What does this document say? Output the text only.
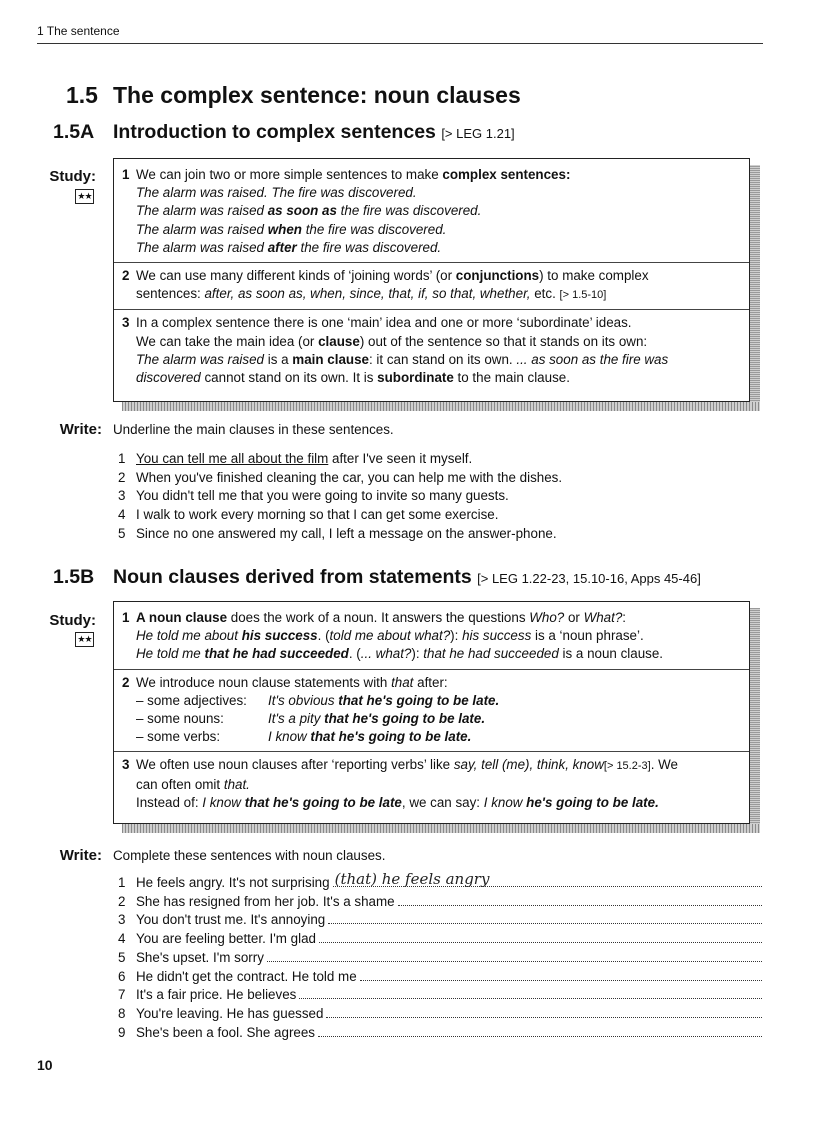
1 The sentence
1.5 The complex sentence: noun clauses
1.5A Introduction to complex sentences [> LEG 1.21]
Study:
★★
1 We can join two or more simple sentences to make complex sentences:
The alarm was raised. The fire was discovered.
The alarm was raised as soon as the fire was discovered.
The alarm was raised when the fire was discovered.
The alarm was raised after the fire was discovered.
2 We can use many different kinds of ‘joining words’ (or conjunctions) to make complex
sentences: after, as soon as, when, since, that, if, so that, whether, etc. [> 1.5-10]
3 In a complex sentence there is one ‘main’ idea and one or more ‘subordinate’ ideas.
We can take the main idea (or clause) out of the sentence so that it stands on its own:
The alarm was raised is a main clause: it can stand on its own. ... as soon as the fire was
discovered cannot stand on its own. It is subordinate to the main clause.
Write: Underline the main clauses in these sentences.
1 You can tell me all about the film after I've seen it myself.
2 When you've finished cleaning the car, you can help me with the dishes.
3 You didn't tell me that you were going to invite so many guests.
4 I walk to work every morning so that I can get some exercise.
5 Since no one answered my call, I left a message on the answer-phone.
1.5B Noun clauses derived from statements [> LEG 1.22-23, 15.10-16, Apps 45-46]
Study:
★★
1 A noun clause does the work of a noun. It answers the questions Who? or What?:
He told me about his success. (told me about what?): his success is a ‘noun phrase’.
He told me that he had succeeded. (... what?): that he had succeeded is a noun clause.
2 We introduce noun clause statements with that after:
– some adjectives:	It's obvious that he's going to be late.
– some nouns:	It's a pity that he's going to be late.
– some verbs:	I know that he's going to be late.
3 We often use noun clauses after ‘reporting verbs’ like say, tell (me), think, know[> 15.2-3]. We
can often omit that.
Instead of: I know that he's going to be late, we can say: I know he's going to be late.
Write: Complete these sentences with noun clauses.
1 He feels angry. It's not surprising (that) he feels angry
2 She has resigned from her job. It's a shame
3 You don't trust me. It's annoying
4 You are feeling better. I'm glad
5 She's upset. I'm sorry
6 He didn't get the contract. He told me
7 It's a fair price. He believes
8 You're leaving. He has guessed
9 She's been a fool. She agrees
10
